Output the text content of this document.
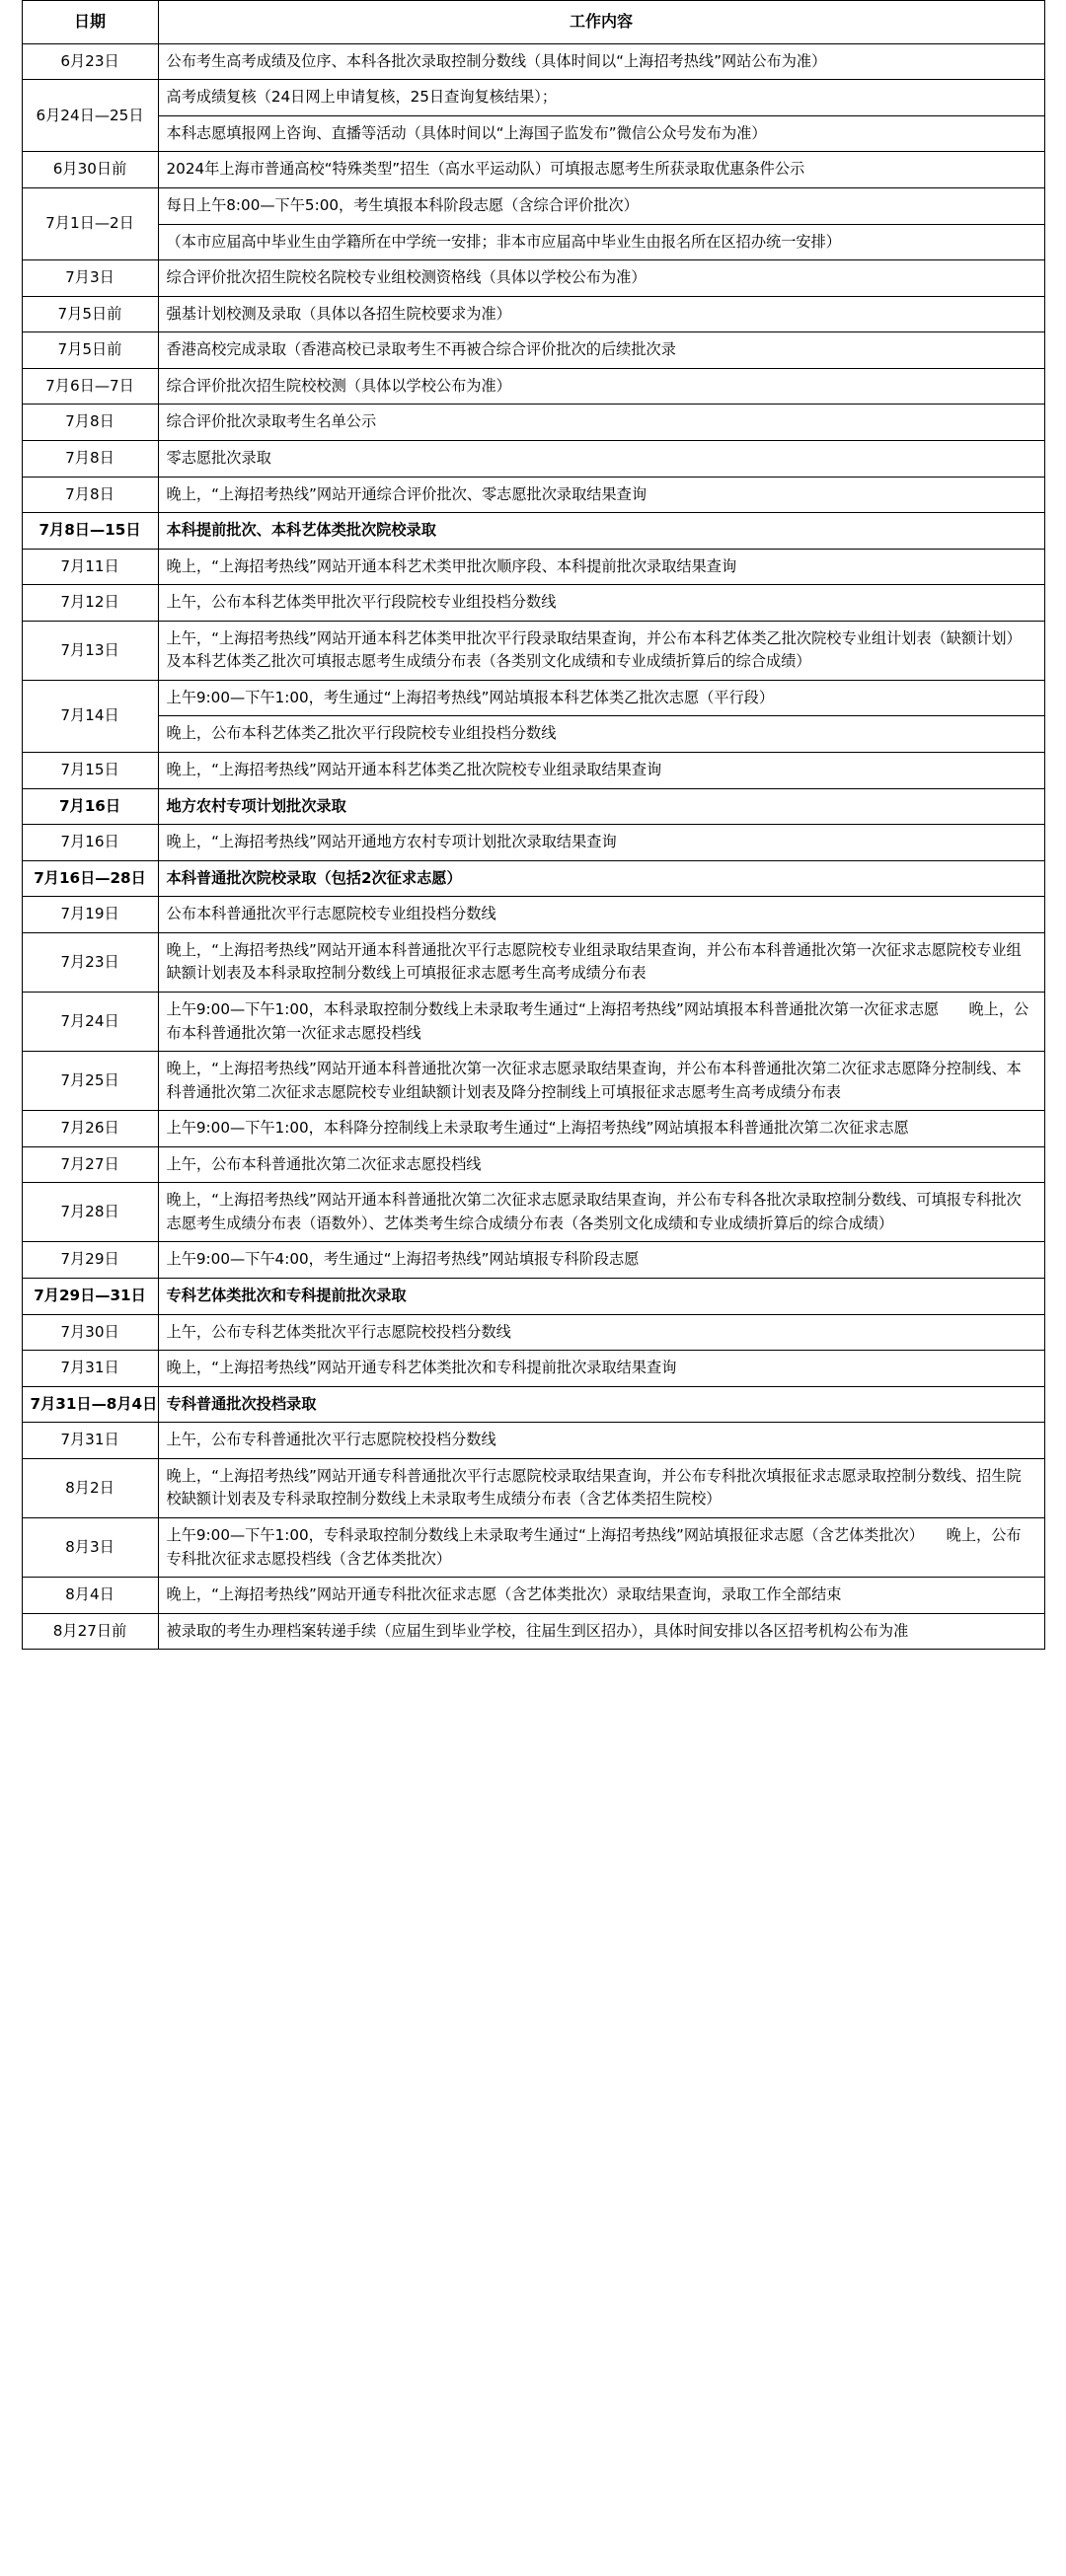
日期	工作内容
6月23日	公布考生高考成绩及位序、本科各批次录取控制分数线（具体时间以“上海招考热线”网站公布为准）
6月24日—25日	高考成绩复核（24日网上申请复核，25日查询复核结果）；
	本科志愿填报网上咨询、直播等活动（具体时间以“上海国子监发布”微信公众号发布为准）
6月30日前	2024年上海市普通高校“特殊类型”招生（高水平运动队）可填报志愿考生所获录取优惠条件公示
7月1日—2日	每日上午8:00—下午5:00，考生填报本科阶段志愿（含综合评价批次）
	（本市应届高中毕业生由学籍所在中学统一安排；非本市应届高中毕业生由报名所在区招办统一安排）
7月3日	综合评价批次招生院校名院校专业组校测资格线（具体以学校公布为准）
7月5日前	强基计划校测及录取（具体以各招生院校要求为准）
7月5日前	香港高校完成录取（香港高校已录取考生不再被合综合评价批次的后续批次录
7月6日—7日	综合评价批次招生院校校测（具体以学校公布为准）
7月8日	综合评价批次录取考生名单公示
7月8日	零志愿批次录取
7月8日	晚上，“上海招考热线”网站开通综合评价批次、零志愿批次录取结果查询
7月8日—15日	本科提前批次、本科艺体类批次院校录取
7月11日	晚上，“上海招考热线”网站开通本科艺术类甲批次顺序段、本科提前批次录取结果查询
7月12日	上午，公布本科艺体类甲批次平行段院校专业组投档分数线
7月13日	上午，“上海招考热线”网站开通本科艺体类甲批次平行段录取结果查询，并公布本科艺体类乙批次院校专业组计划表（缺额计划）及本科艺体类乙批次可填报志愿考生成绩分布表（各类别文化成绩和专业成绩折算后的综合成绩）
7月14日	上午9:00—下午1:00，考生通过“上海招考热线”网站填报本科艺体类乙批次志愿（平行段）
	晚上，公布本科艺体类乙批次平行段院校专业组投档分数线
7月15日	晚上，“上海招考热线”网站开通本科艺体类乙批次院校专业组录取结果查询
7月16日	地方农村专项计划批次录取
7月16日	晚上，“上海招考热线”网站开通地方农村专项计划批次录取结果查询
7月16日—28日	本科普通批次院校录取（包括2次征求志愿）
7月19日	公布本科普通批次平行志愿院校专业组投档分数线
7月23日	晚上，“上海招考热线”网站开通本科普通批次平行志愿院校专业组录取结果查询，并公布本科普通批次第一次征求志愿院校专业组缺额计划表及本科录取控制分数线上可填报征求志愿考生高考成绩分布表
7月24日	上午9:00—下午1:00，本科录取控制分数线上未录取考生通过“上海招考热线”网站填报本科普通批次第一次征求志愿　　晚上，公布本科普通批次第一次征求志愿投档线
7月25日	晚上，“上海招考热线”网站开通本科普通批次第一次征求志愿录取结果查询，并公布本科普通批次第二次征求志愿降分控制线、本科普通批次第二次征求志愿院校专业组缺额计划表及降分控制线上可填报征求志愿考生高考成绩分布表
7月26日	上午9:00—下午1:00，本科降分控制线上未录取考生通过“上海招考热线”网站填报本科普通批次第二次征求志愿
7月27日	上午，公布本科普通批次第二次征求志愿投档线
7月28日	晚上，“上海招考热线”网站开通本科普通批次第二次征求志愿录取结果查询，并公布专科各批次录取控制分数线、可填报专科批次志愿考生成绩分布表（语数外）、艺体类考生综合成绩分布表（各类别文化成绩和专业成绩折算后的综合成绩）
7月29日	上午9:00—下午4:00，考生通过“上海招考热线”网站填报专科阶段志愿
7月29日—31日	专科艺体类批次和专科提前批次录取
7月30日	上午，公布专科艺体类批次平行志愿院校投档分数线
7月31日	晚上，“上海招考热线”网站开通专科艺体类批次和专科提前批次录取结果查询
7月31日—8月4日	专科普通批次投档录取
7月31日	上午，公布专科普通批次平行志愿院校投档分数线
8月2日	晚上，“上海招考热线”网站开通专科普通批次平行志愿院校录取结果查询，并公布专科批次填报征求志愿录取控制分数线、招生院校缺额计划表及专科录取控制分数线上未录取考生成绩分布表（含艺体类招生院校）
8月3日	上午9:00—下午1:00，专科录取控制分数线上未录取考生通过“上海招考热线”网站填报征求志愿（含艺体类批次）　　晚上，公布专科批次征求志愿投档线（含艺体类批次）
8月4日	晚上，“上海招考热线”网站开通专科批次征求志愿（含艺体类批次）录取结果查询，录取工作全部结束
8月27日前	被录取的考生办理档案转递手续（应届生到毕业学校，往届生到区招办），具体时间安排以各区招考机构公布为准
